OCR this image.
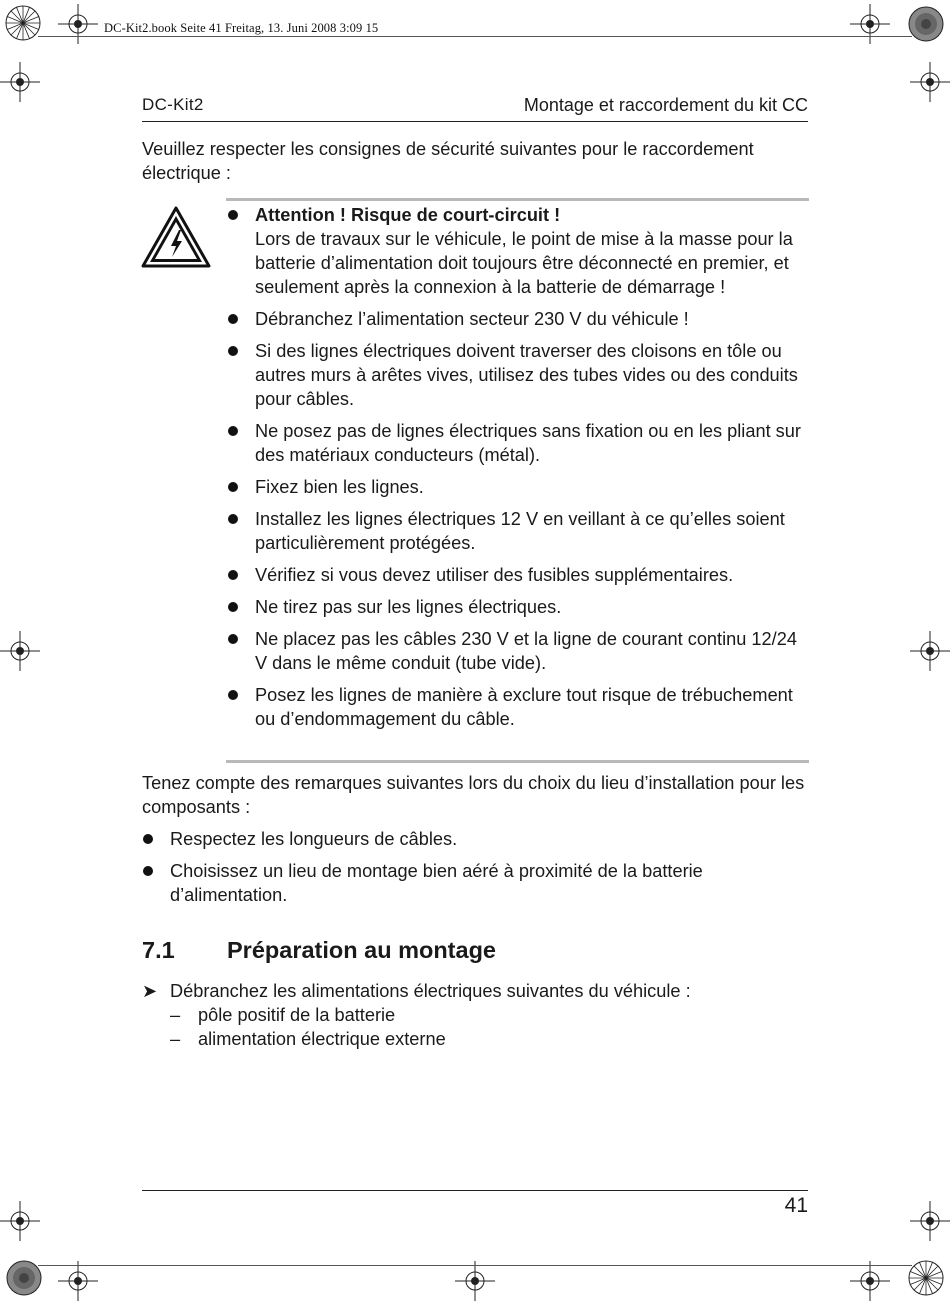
DC-Kit2.book Seite 41 Freitag, 13. Juni 2008 3:09 15
DC-Kit2	Montage et raccordement du kit CC
Veuillez respecter les consignes de sécurité suivantes pour le raccordement électrique :
Attention ! Risque de court-circuit !
Lors de travaux sur le véhicule, le point de mise à la masse pour la batterie d’alimentation doit toujours être déconnecté en premier, et seulement après la connexion à la batterie de démarrage !
Débranchez l’alimentation secteur 230 V du véhicule !
Si des lignes électriques doivent traverser des cloisons en tôle ou autres murs à arêtes vives, utilisez des tubes vides ou des conduits pour câbles.
Ne posez pas de lignes électriques sans fixation ou en les pliant sur des matériaux conducteurs (métal).
Fixez bien les lignes.
Installez les lignes électriques 12 V en veillant à ce qu’elles soient particulièrement protégées.
Vérifiez si vous devez utiliser des fusibles supplémentaires.
Ne tirez pas sur les lignes électriques.
Ne placez pas les câbles 230 V et la ligne de courant continu 12/24 V dans le même conduit (tube vide).
Posez les lignes de manière à exclure tout risque de trébuchement ou d’endommagement du câble.
Tenez compte des remarques suivantes lors du choix du lieu d’installation pour les composants :
Respectez les longueurs de câbles.
Choisissez un lieu de montage bien aéré à proximité de la batterie d’alimentation.
7.1 Préparation au montage
➤ Débranchez les alimentations électriques suivantes du véhicule :
– pôle positif de la batterie
– alimentation électrique externe
41
